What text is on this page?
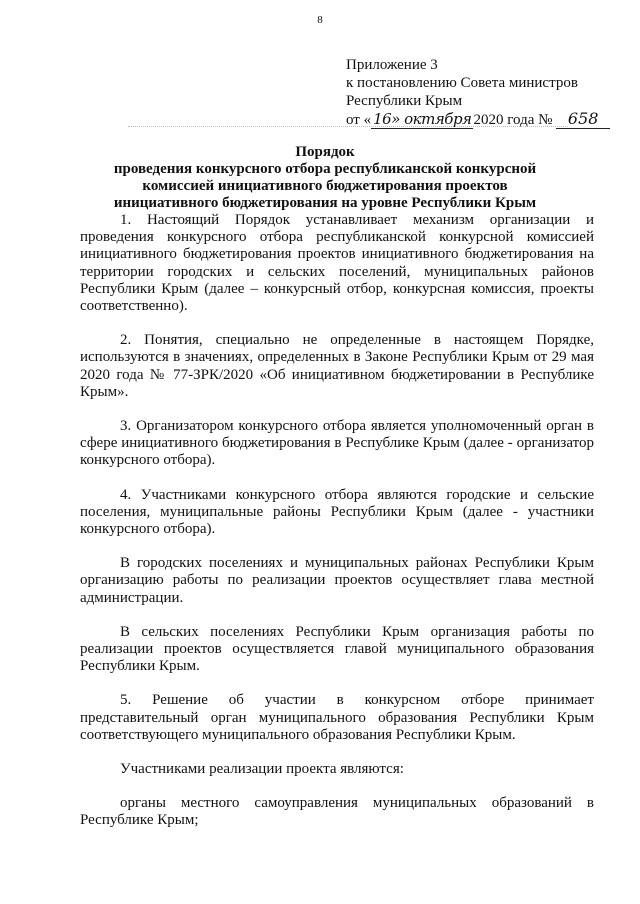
8
Приложение 3
к постановлению Совета министров
Республики Крым
от « 16» октября 2020 года № 658
Порядок
проведения конкурсного отбора республиканской конкурсной
комиссией инициативного бюджетирования проектов
инициативного бюджетирования на уровне Республики Крым

1. Настоящий Порядок устанавливает механизм организации и проведения конкурсного отбора республиканской конкурсной комиссией инициативного бюджетирования проектов инициативного бюджетирования на территории городских и сельских поселений, муниципальных районов Республики Крым (далее – конкурсный отбор, конкурсная комиссия, проекты соответственно).

2. Понятия, специально не определенные в настоящем Порядке, используются в значениях, определенных в Законе Республики Крым от 29 мая 2020 года № 77-ЗРК/2020 «Об инициативном бюджетировании в Республике Крым».

3. Организатором конкурсного отбора является уполномоченный орган в сфере инициативного бюджетирования в Республике Крым (далее - организатор конкурсного отбора).

4. Участниками конкурсного отбора являются городские и сельские поселения, муниципальные районы Республики Крым (далее - участники конкурсного отбора).

В городских поселениях и муниципальных районах Республики Крым организацию работы по реализации проектов осуществляет глава местной администрации.

В сельских поселениях Республики Крым организация работы по реализации проектов осуществляется главой муниципального образования Республики Крым.

5. Решение об участии в конкурсном отборе принимает представительный орган муниципального образования Республики Крым соответствующего муниципального образования Республики Крым.

Участниками реализации проекта являются:

органы местного самоуправления муниципальных образований в Республике Крым;
